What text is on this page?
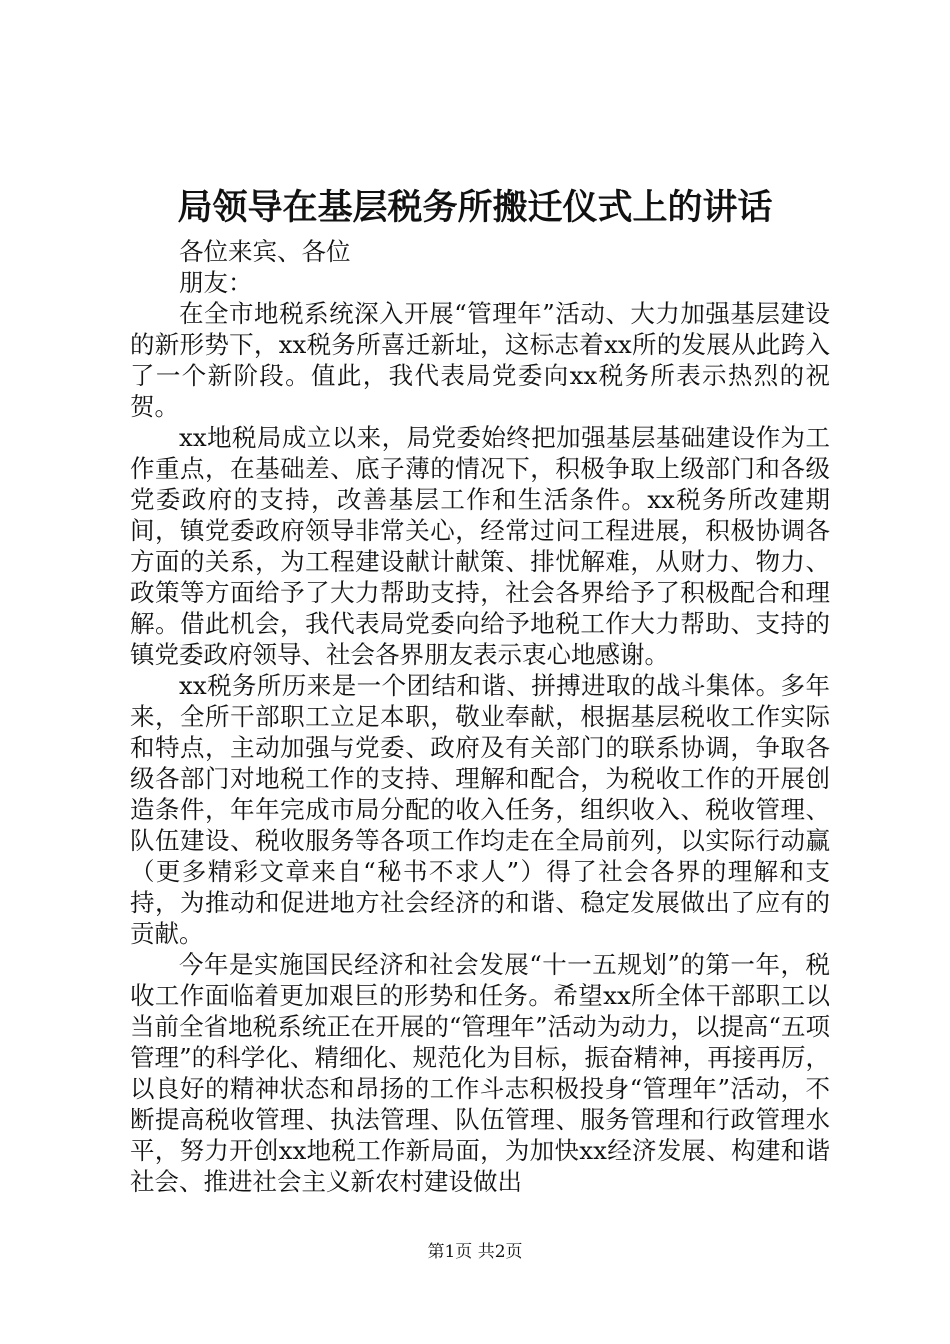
局领导在基层税务所搬迁仪式上的讲话

各位来宾、各位

朋友：

在全市地税系统深入开展“管理年”活动、大力加强基层建设的新形势下，xx税务所喜迁新址，这标志着xx所的发展从此跨入了一个新阶段。值此，我代表局党委向xx税务所表示热烈的祝贺。

xx地税局成立以来，局党委始终把加强基层基础建设作为工作重点，在基础差、底子薄的情况下，积极争取上级部门和各级党委政府的支持，改善基层工作和生活条件。xx税务所改建期间，镇党委政府领导非常关心，经常过问工程进展，积极协调各方面的关系，为工程建设献计献策、排忧解难，从财力、物力、政策等方面给予了大力帮助支持，社会各界给予了积极配合和理解。借此机会，我代表局党委向给予地税工作大力帮助、支持的镇党委政府领导、社会各界朋友表示衷心地感谢。

xx税务所历来是一个团结和谐、拼搏进取的战斗集体。多年来，全所干部职工立足本职，敬业奉献，根据基层税收工作实际和特点，主动加强与党委、政府及有关部门的联系协调，争取各级各部门对地税工作的支持、理解和配合，为税收工作的开展创造条件，年年完成市局分配的收入任务，组织收入、税收管理、队伍建设、税收服务等各项工作均走在全局前列，以实际行动赢（更多精彩文章来自“秘书不求人”）得了社会各界的理解和支持，为推动和促进地方社会经济的和谐、稳定发展做出了应有的贡献。

今年是实施国民经济和社会发展“十一五规划”的第一年，税收工作面临着更加艰巨的形势和任务。希望xx所全体干部职工以当前全省地税系统正在开展的“管理年”活动为动力，以提高“五项管理”的科学化、精细化、规范化为目标，振奋精神，再接再厉，以良好的精神状态和昂扬的工作斗志积极投身“管理年”活动，不断提高税收管理、执法管理、队伍管理、服务管理和行政管理水平，努力开创xx地税工作新局面，为加快xx经济发展、构建和谐社会、推进社会主义新农村建设做出

第1页 共2页
